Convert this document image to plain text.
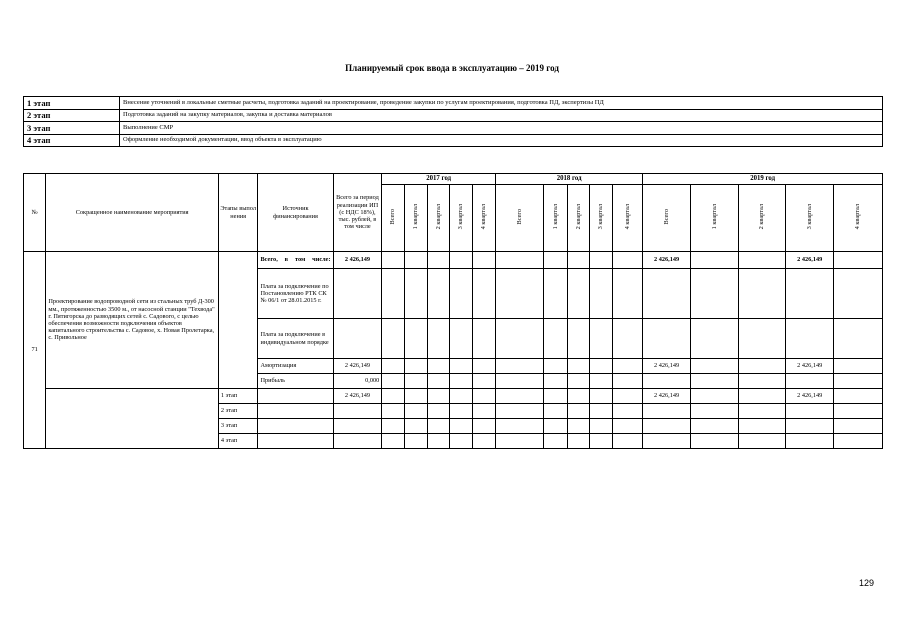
Планируемый срок ввода в эксплуатацию – 2019 год
1 этап	Внесение уточнений в локальные сметные расчеты, подготовка заданий на проектирование, проведение закупки по услугам проектирования, подготовка ПД, экспертизы ПД
2 этап	Подготовка заданий на закупку материалов, закупка и доставка материалов
3 этап	Выполнение СМР
4 этап	Оформление необходимой документации, ввод объекта в эксплуатацию
№	Сокращенное наименование мероприятия	Этапы выпол нения	Источник финансирования	Всего за период реализации ИП (с НДС 18%), тыс. рублей, в том числе	2017 год					2018 год					2019 год				
					Всего	1 квартал	2 квартал	3 квартал	4 квартал	Всего	1 квартал	2 квартал	3 квартал	4 квартал	Всего	1 квартал	2 квартал	3 квартал	4 квартал
71	Проектирование водопроводной сети из стальных труб Д-300 мм., протяженностью 3500 м., от насосной станции "Техвода" г. Пятигорска до разводящих сетей с. Садового, с целью обеспечения возможности подключения объектов капитального строительства с. Садовое, х. Новая Пролетарка, с. Привольное		Всего, в том числе:	2 426,149											2 426,149			2 426,149	
			Плата за подключение по Постановлению РТК СК № 06/1 от 28.01.2015 г.																
			Плата за подключение в индивидуальном порядке																
			Амортизация	2 426,149											2 426,149			2 426,149	
			Прибыль	0,000															
		1 этап		2 426,149											2 426,149			2 426,149	
		2 этап																	
		3 этап																	
		4 этап																	
129
